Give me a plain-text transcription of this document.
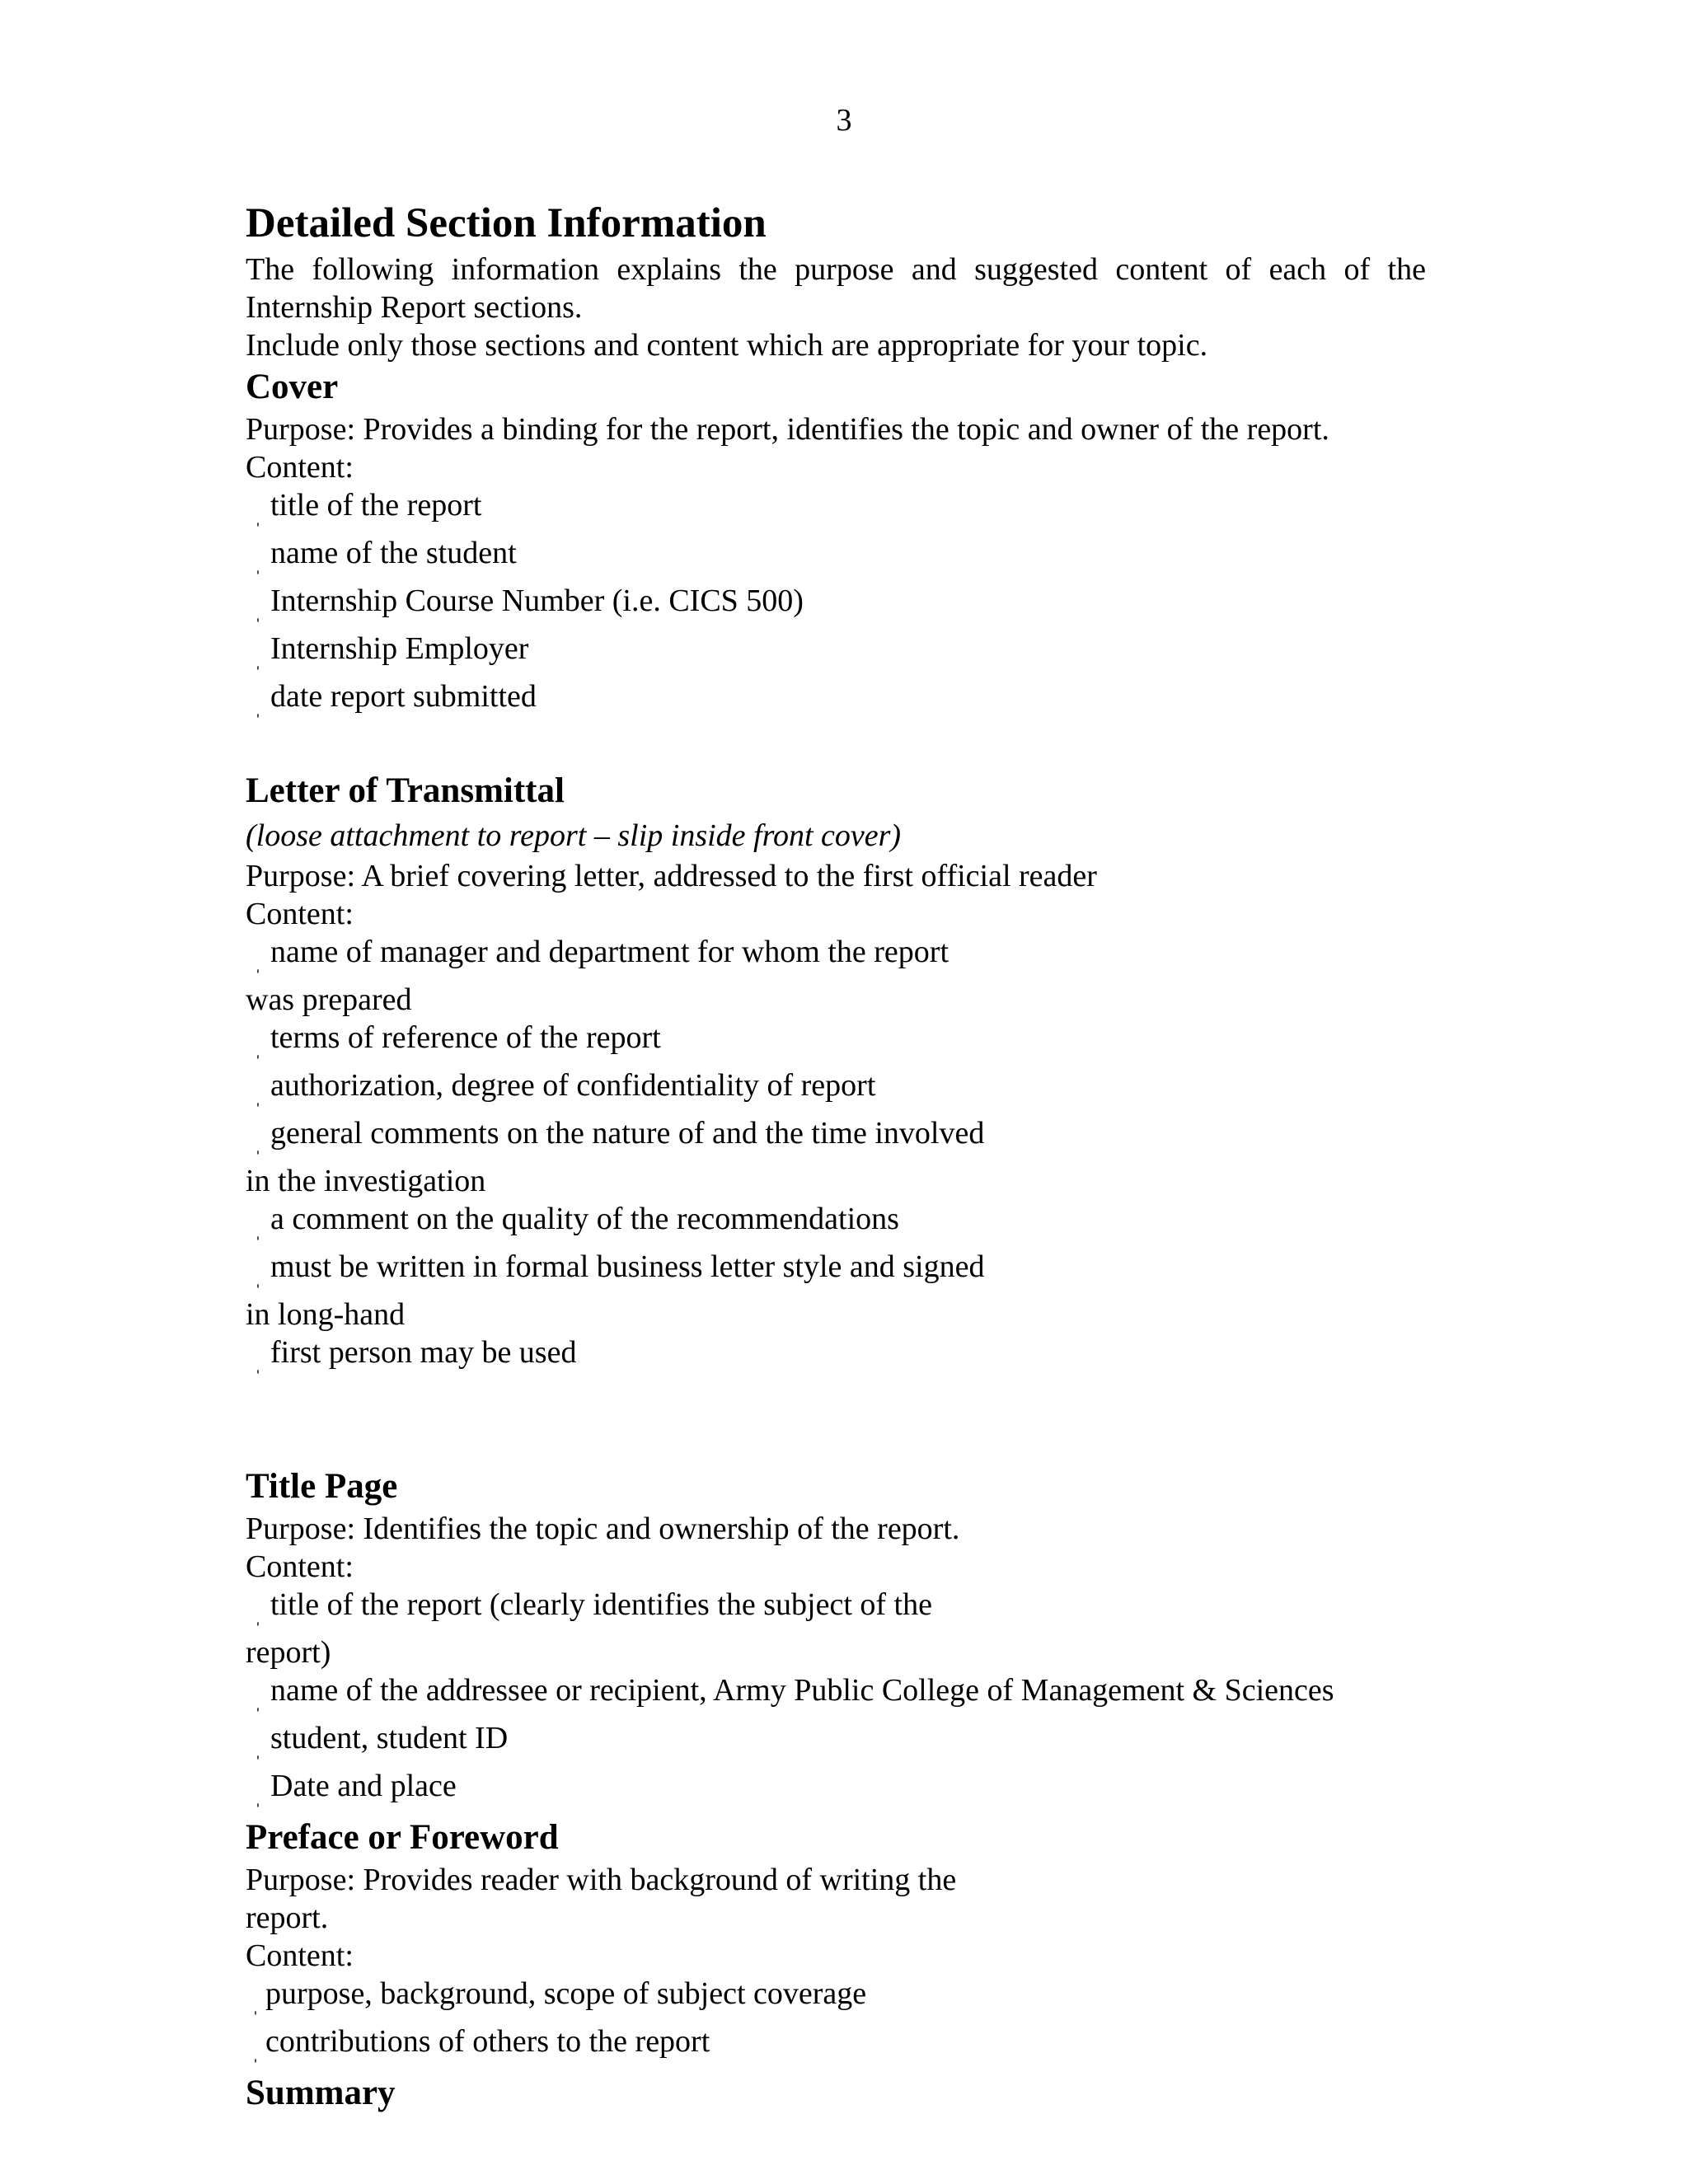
3
Detailed Section Information

The following information explains the purpose and suggested content of each of the Internship Report sections.

Include only those sections and content which are appropriate for your topic.

Cover

Purpose: Provides a binding for the report, identifies the topic and owner of the report.

Content:

ˌ title of the report
ˌ name of the student
ˌ Internship Course Number (i.e. CICS 500)
ˌ Internship Employer
ˌ date report submitted
Letter of Transmittal

(loose attachment to report – slip inside front cover)

Purpose: A brief covering letter, addressed to the first official reader

Content:

ˌ name of manager and department for whom the report
was prepared
ˌ terms of reference of the report
ˌ authorization, degree of confidentiality of report
ˌ general comments on the nature of and the time involved
in the investigation
ˌ a comment on the quality of the recommendations
ˌ must be written in formal business letter style and signed
in long-hand
ˌ first person may be used
Title Page

Purpose: Identifies the topic and ownership of the report.

Content:

ˌ title of the report (clearly identifies the subject of the
report)
ˌ name of the addressee or recipient, Army Public College of Management & Sciences
ˌ student, student ID
ˌ Date and place
Preface or Foreword

Purpose: Provides reader with background of writing the
report.

Content:

ˌ purpose, background, scope of subject coverage
ˌ contributions of others to the report
Summary
